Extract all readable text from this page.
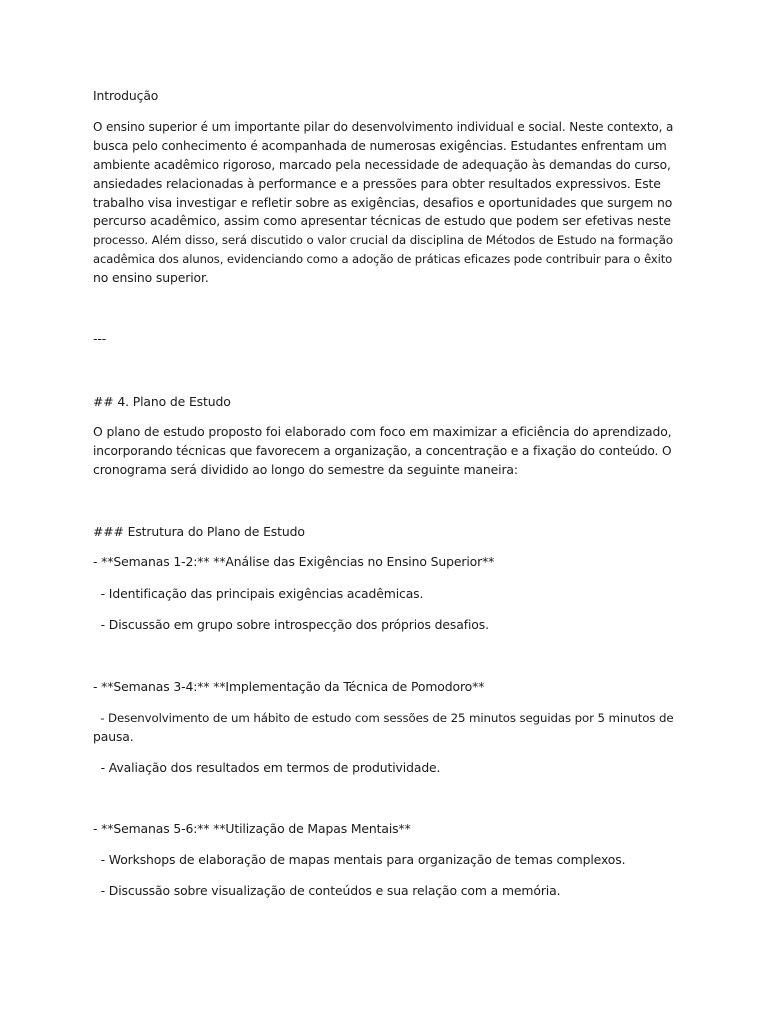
Introdução
O ensino superior é um importante pilar do desenvolvimento individual e social. Neste contexto, a
busca pelo conhecimento é acompanhada de numerosas exigências. Estudantes enfrentam um
ambiente acadêmico rigoroso, marcado pela necessidade de adequação às demandas do curso,
ansiedades relacionadas à performance e a pressões para obter resultados expressivos. Este
trabalho visa investigar e refletir sobre as exigências, desafios e oportunidades que surgem no
percurso acadêmico, assim como apresentar técnicas de estudo que podem ser efetivas neste
processo. Além disso, será discutido o valor crucial da disciplina de Métodos de Estudo na formação
acadêmica dos alunos, evidenciando como a adoção de práticas eficazes pode contribuir para o êxito
no ensino superior.
---
## 4. Plano de Estudo
O plano de estudo proposto foi elaborado com foco em maximizar a eficiência do aprendizado,
incorporando técnicas que favorecem a organização, a concentração e a fixação do conteúdo. O
cronograma será dividido ao longo do semestre da seguinte maneira:
### Estrutura do Plano de Estudo
- **Semanas 1-2:** **Análise das Exigências no Ensino Superior**
- Identificação das principais exigências acadêmicas.
- Discussão em grupo sobre introspecção dos próprios desafios.
- **Semanas 3-4:** **Implementação da Técnica de Pomodoro**
- Desenvolvimento de um hábito de estudo com sessões de 25 minutos seguidas por 5 minutos de
pausa.
- Avaliação dos resultados em termos de produtividade.
- **Semanas 5-6:** **Utilização de Mapas Mentais**
- Workshops de elaboração de mapas mentais para organização de temas complexos.
- Discussão sobre visualização de conteúdos e sua relação com a memória.
